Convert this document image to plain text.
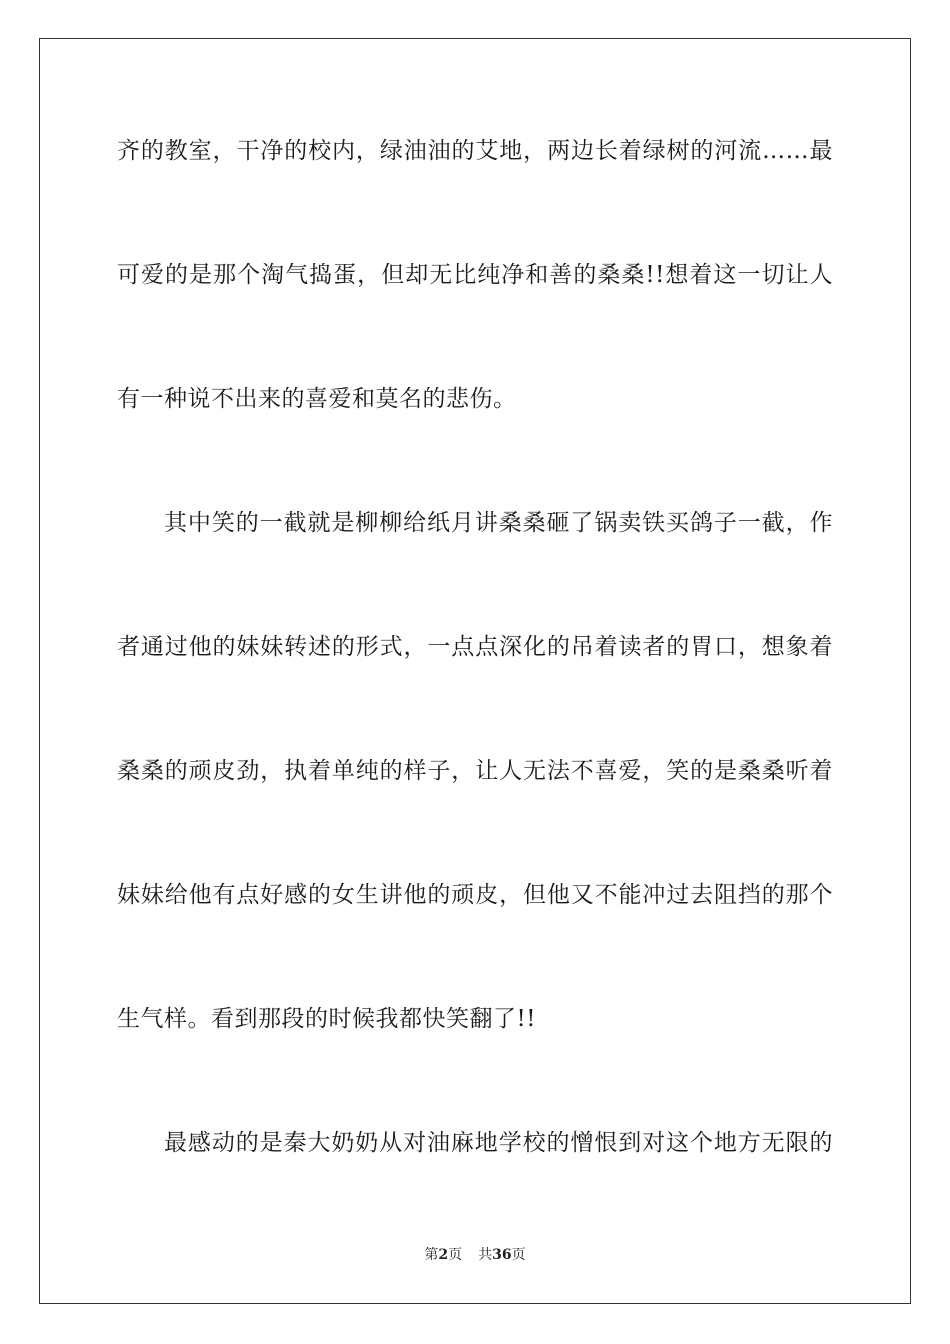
齐的教室，干净的校内，绿油油的艾地，两边长着绿树的河流……最
可爱的是那个淘气捣蛋，但却无比纯净和善的桑桑!!想着这一切让人
有一种说不出来的喜爱和莫名的悲伤。
其中笑的一截就是柳柳给纸月讲桑桑砸了锅卖铁买鸽子一截，作
者通过他的妹妹转述的形式，一点点深化的吊着读者的胃口，想象着
桑桑的顽皮劲，执着单纯的样子，让人无法不喜爱，笑的是桑桑听着
妹妹给他有点好感的女生讲他的顽皮，但他又不能冲过去阻挡的那个
生气样。看到那段的时候我都快笑翻了!!
最感动的是秦大奶奶从对油麻地学校的憎恨到对这个地方无限的
第2页 共36页
